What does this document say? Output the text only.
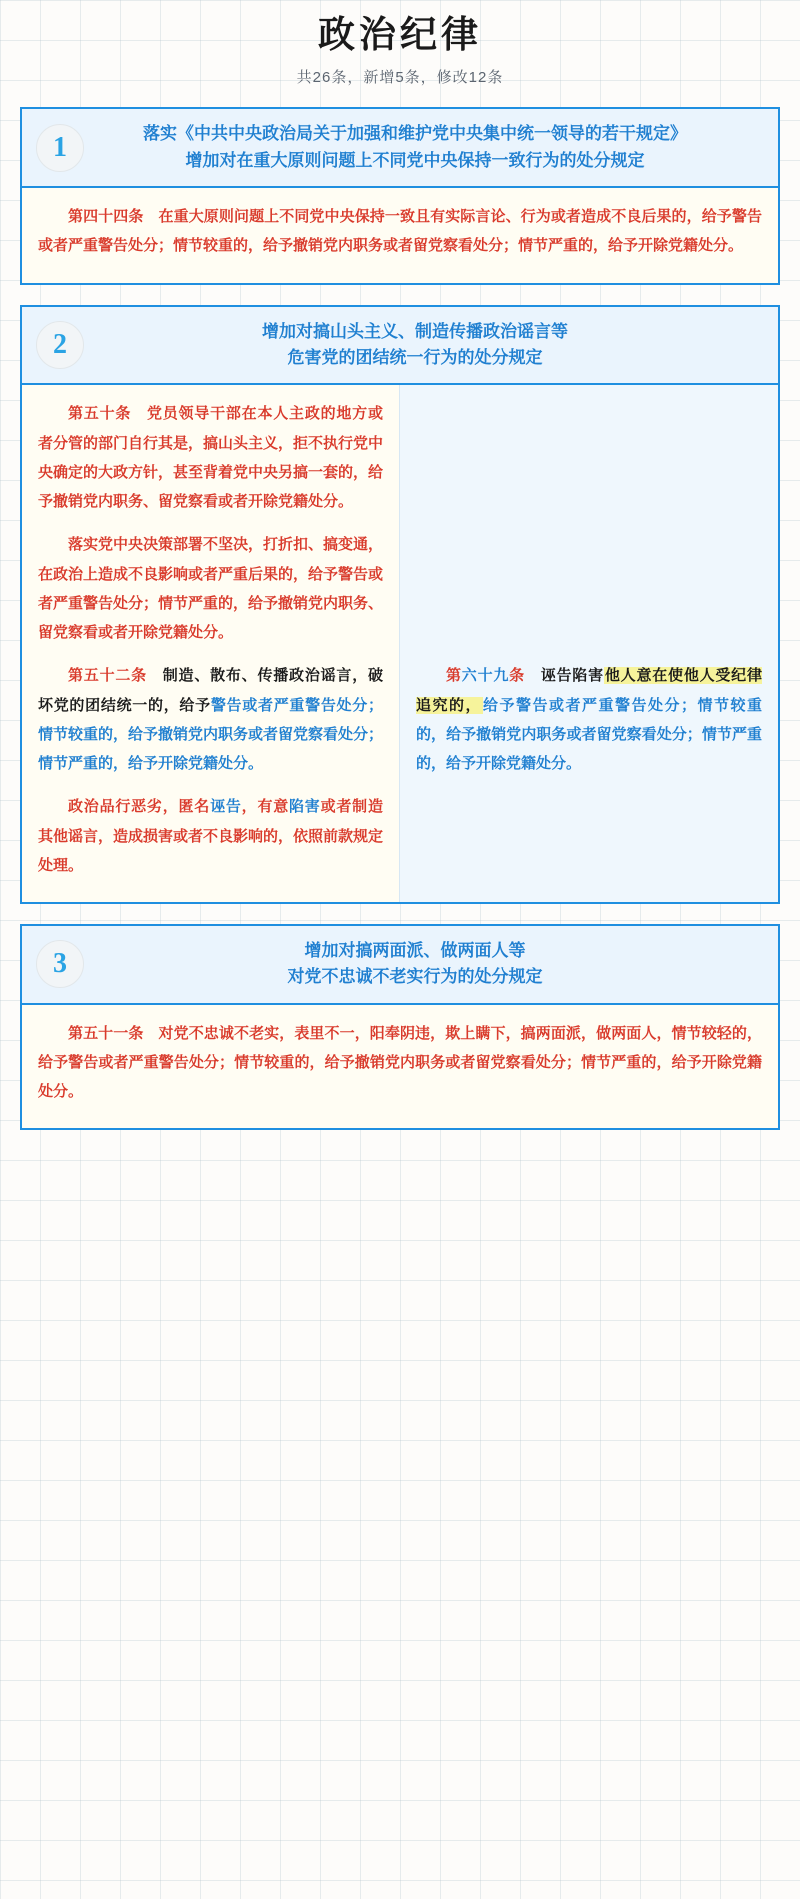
政治纪律
共26条，新增5条，修改12条
1	落实《中共中央政治局关于加强和维护党中央集中统一领导的若干规定》
增加对在重大原则问题上不同党中央保持一致行为的处分规定

第四十四条　在重大原则问题上不同党中央保持一致且有实际言论、行为或者造成不良后果的，给予警告或者严重警告处分；情节较重的，给予撤销党内职务或者留党察看处分；情节严重的，给予开除党籍处分。

2	增加对搞山头主义、制造传播政治谣言等
危害党的团结统一行为的处分规定

第五十条　党员领导干部在本人主政的地方或者分管的部门自行其是，搞山头主义，拒不执行党中央确定的大政方针，甚至背着党中央另搞一套的，给予撤销党内职务、留党察看或者开除党籍处分。

落实党中央决策部署不坚决，打折扣、搞变通，在政治上造成不良影响或者严重后果的，给予警告或者严重警告处分；情节严重的，给予撤销党内职务、留党察看或者开除党籍处分。

第五十二条　制造、散布、传播政治谣言，破坏党的团结统一的，给予警告或者严重警告处分；情节较重的，给予撤销党内职务或者留党察看处分；情节严重的，给予开除党籍处分。

政治品行恶劣，匿名诬告，有意陷害或者制造其他谣言，造成损害或者不良影响的，依照前款规定处理。

第六十九条　诬告陷害他人意在使他人受纪律追究的，给予警告或者严重警告处分；情节较重的，给予撤销党内职务或者留党察看处分；情节严重的，给予开除党籍处分。

3	增加对搞两面派、做两面人等
对党不忠诚不老实行为的处分规定

第五十一条　对党不忠诚不老实，表里不一，阳奉阴违，欺上瞒下，搞两面派，做两面人，情节较轻的，给予警告或者严重警告处分；情节较重的，给予撤销党内职务或者留党察看处分；情节严重的，给予开除党籍处分。
